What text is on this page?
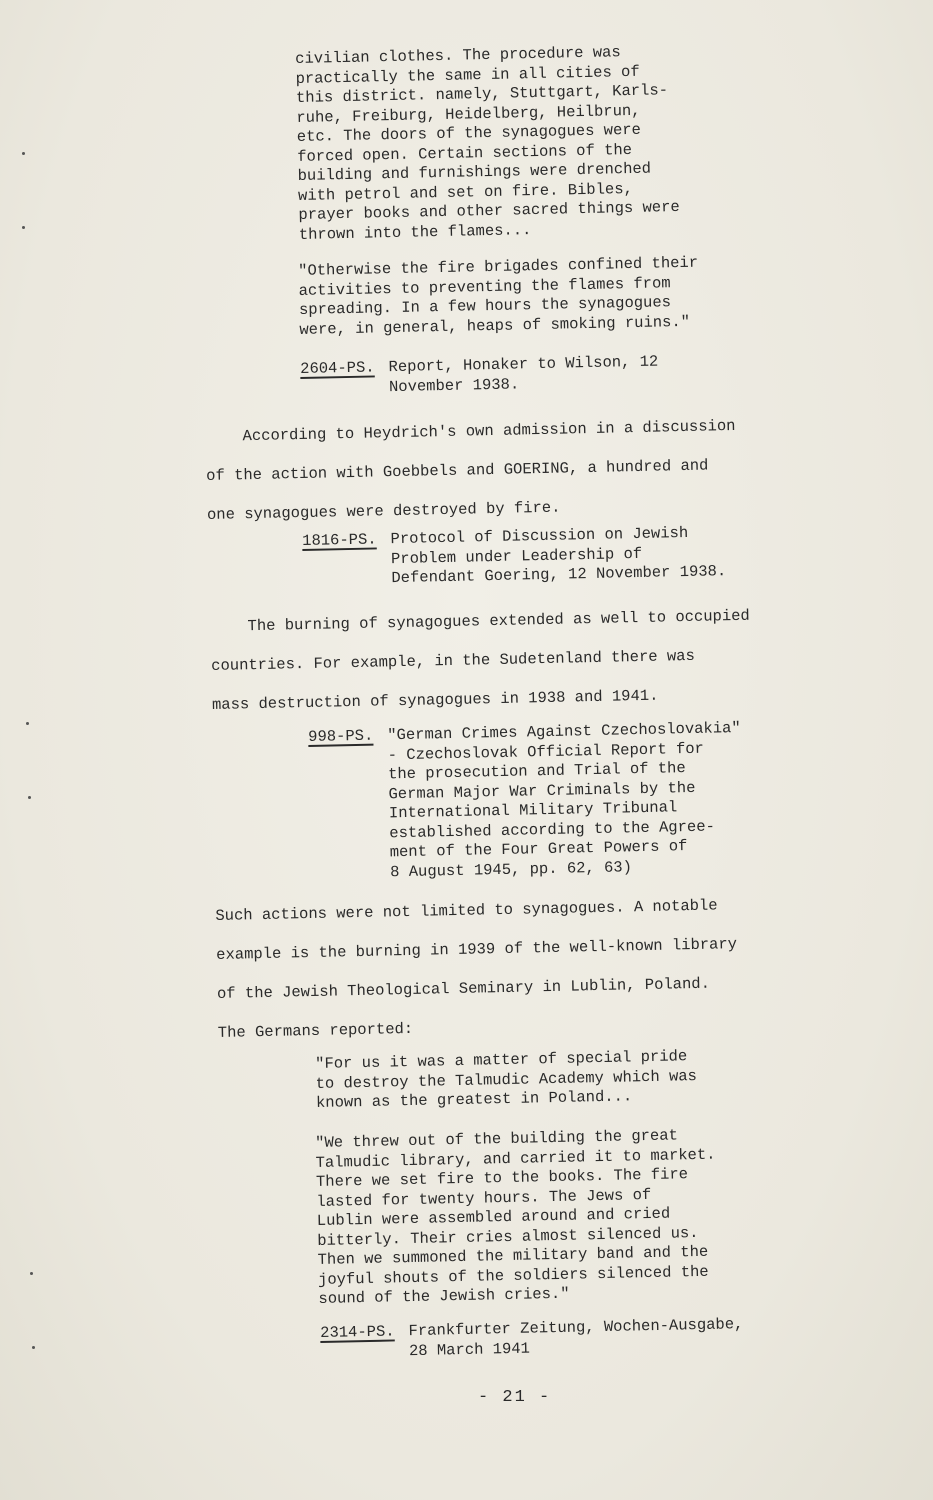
civilian clothes. The procedure was
practically the same in all cities of
this district. namely, Stuttgart, Karls-
ruhe, Freiburg, Heidelberg, Heilbrun,
etc. The doors of the synagogues were
forced open. Certain sections of the
building and furnishings were drenched
with petrol and set on fire. Bibles,
prayer books and other sacred things were
thrown into the flames...

"Otherwise the fire brigades confined their
activities to preventing the flames from
spreading. In a few hours the synagogues
were, in general, heaps of smoking ruins."

2604-PS. Report, Honaker to Wilson, 12
November 1938.

According to Heydrich's own admission in a discussion
of the action with Goebbels and GOERING, a hundred and
one synagogues were destroyed by fire.

1816-PS. Protocol of Discussion on Jewish
Problem under Leadership of
Defendant Goering, 12 November 1938.

The burning of synagogues extended as well to occupied
countries. For example, in the Sudetenland there was
mass destruction of synagogues in 1938 and 1941.

998-PS. "German Crimes Against Czechoslovakia"
- Czechoslovak Official Report for
the prosecution and Trial of the
German Major War Criminals by the
International Military Tribunal
established according to the Agree-
ment of the Four Great Powers of
8 August 1945, pp. 62, 63)

Such actions were not limited to synagogues. A notable
example is the burning in 1939 of the well-known library
of the Jewish Theological Seminary in Lublin, Poland.
The Germans reported:

"For us it was a matter of special pride
to destroy the Talmudic Academy which was
known as the greatest in Poland...

"We threw out of the building the great
Talmudic library, and carried it to market.
There we set fire to the books. The fire
lasted for twenty hours. The Jews of
Lublin were assembled around and cried
bitterly. Their cries almost silenced us.
Then we summoned the military band and the
joyful shouts of the soldiers silenced the
sound of the Jewish cries."

2314-PS. Frankfurter Zeitung, Wochen-Ausgabe,
28 March 1941
- 21 -
